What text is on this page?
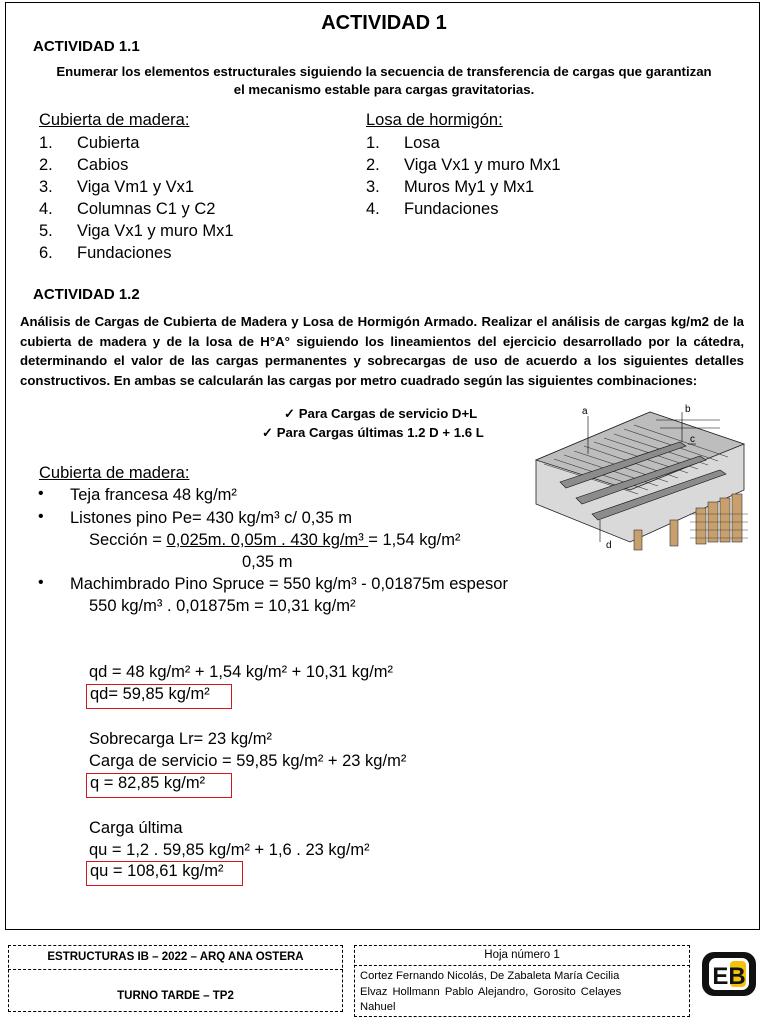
ACTIVIDAD 1
ACTIVIDAD 1.1
Enumerar los elementos estructurales siguiendo la secuencia de transferencia de cargas que garantizan
el mecanismo estable para cargas gravitatorias.
Cubierta de madera:
1.	Cubierta
2.	Cabios
3.	Viga Vm1 y Vx1
4.	Columnas C1 y C2
5.	Viga Vx1 y muro Mx1
6.	Fundaciones
Losa de hormigón:
1.	Losa
2.	Viga Vx1 y muro Mx1
3.	Muros My1 y Mx1
4.	Fundaciones
ACTIVIDAD 1.2
Análisis de Cargas de Cubierta de Madera y Losa de Hormigón Armado. Realizar el análisis de cargas kg/m2 de la cubierta de madera y de la losa de H°A° siguiendo los lineamientos del ejercicio desarrollado por la cátedra, determinando el valor de las cargas permanentes y sobrecargas de uso de acuerdo a los siguientes detalles constructivos. En ambas se calcularán las cargas por metro cuadrado según las siguientes combinaciones:
✓ Para Cargas de servicio D+L
✓ Para Cargas últimas 1.2 D + 1.6 L
a	b
c
d
Cubierta de madera:
• Teja francesa 48 kg/m²
• Listones pino Pe= 430 kg/m³ c/ 0,35 m
Sección = 0,025m. 0,05m . 430 kg/m³ = 1,54 kg/m²
0,35 m
• Machimbrado Pino Spruce = 550 kg/m³ - 0,01875m espesor
550 kg/m³ . 0,01875m = 10,31 kg/m²
qd = 48 kg/m² + 1,54 kg/m² + 10,31 kg/m²
qd= 59,85 kg/m²
Sobrecarga Lr= 23 kg/m²
Carga de servicio = 59,85 kg/m² + 23 kg/m²
q = 82,85 kg/m²
Carga última
qu = 1,2 . 59,85 kg/m² + 1,6 . 23 kg/m²
qu = 108,61 kg/m²
ESTRUCTURAS IB – 2022 – ARQ ANA OSTERA
TURNO TARDE – TP2
Hoja número 1
Cortez Fernando Nicolás, De Zabaleta María Cecilia
Elvaz Hollmann Pablo Alejandro, Gorosito Celayes
Nahuel
EB
